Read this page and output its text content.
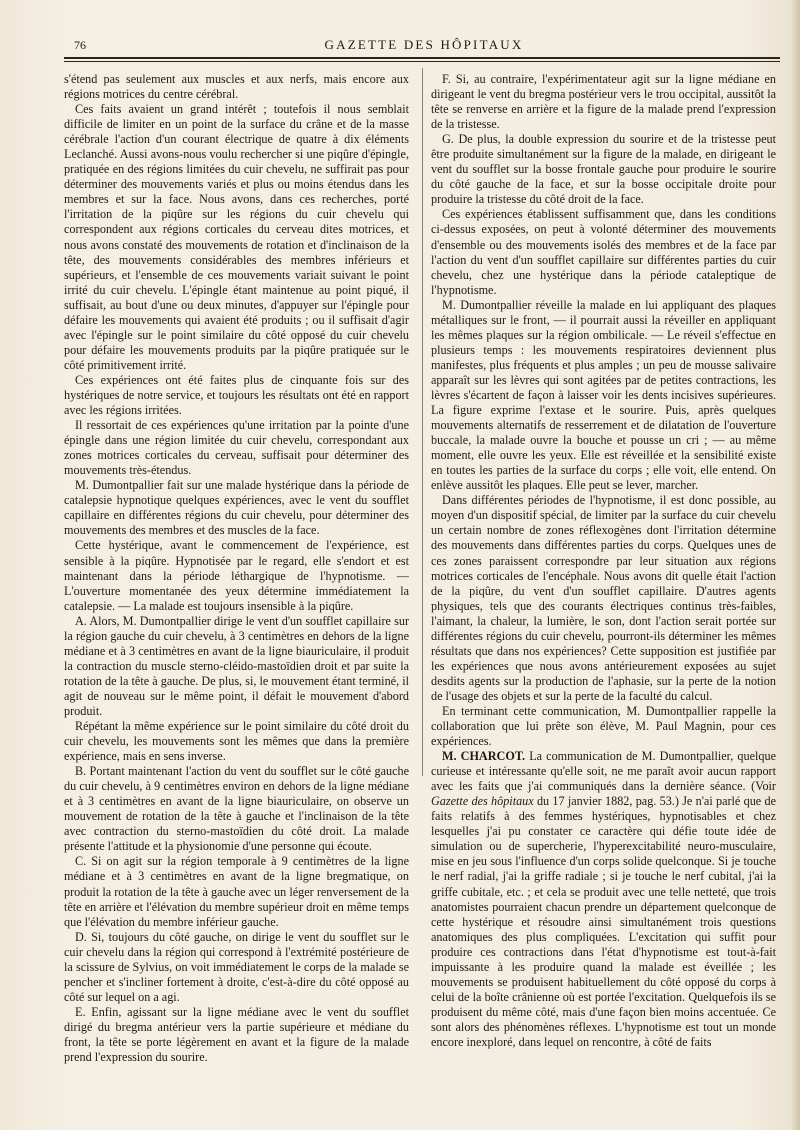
76	GAZETTE DES HÔPITAUX

s'étend pas seulement aux muscles et aux nerfs, mais encore aux régions motrices du centre cérébral.

Ces faits avaient un grand intérêt ; toutefois il nous semblait difficile de limiter en un point de la surface du crâne et de la masse cérébrale l'action d'un courant électrique de quatre à dix éléments Leclanché. Aussi avons-nous voulu rechercher si une piqûre d'épingle, pratiquée en des régions limitées du cuir chevelu, ne suffirait pas pour déterminer des mouvements variés et plus ou moins étendus dans les membres et sur la face. Nous avons, dans ces recherches, porté l'irritation de la piqûre sur les régions du cuir chevelu qui correspondent aux régions corticales du cerveau dites motrices, et nous avons constaté des mouvements de rotation et d'inclinaison de la tête, des mouvements considérables des membres inférieurs et supérieurs, et l'ensemble de ces mouvements variait suivant le point irrité du cuir chevelu. L'épingle étant maintenue au point piqué, il suffisait, au bout d'une ou deux minutes, d'appuyer sur l'épingle pour défaire les mouvements qui avaient été produits ; ou il suffisait d'agir avec l'épingle sur le point similaire du côté opposé du cuir chevelu pour défaire les mouvements produits par la piqûre pratiquée sur le côté primitivement irrité.

Ces expériences ont été faites plus de cinquante fois sur des hystériques de notre service, et toujours les résultats ont été en rapport avec les régions irritées.

Il ressortait de ces expériences qu'une irritation par la pointe d'une épingle dans une région limitée du cuir chevelu, correspondant aux zones motrices corticales du cerveau, suffisait pour déterminer des mouvements très-étendus.

M. Dumontpallier fait sur une malade hystérique dans la période de catalepsie hypnotique quelques expériences, avec le vent du soufflet capillaire en différentes régions du cuir chevelu, pour déterminer des mouvements des membres et des muscles de la face.

Cette hystérique, avant le commencement de l'expérience, est sensible à la piqûre. Hypnotisée par le regard, elle s'endort et est maintenant dans la période léthargique de l'hypnotisme. — L'ouverture momentanée des yeux détermine immédiatement la catalepsie. — La malade est toujours insensible à la piqûre.

A. Alors, M. Dumontpallier dirige le vent d'un soufflet capillaire sur la région gauche du cuir chevelu, à 3 centimètres en dehors de la ligne médiane et à 3 centimètres en avant de la ligne biauriculaire, il produit la contraction du muscle sterno-cléido-mastoïdien droit et par suite la rotation de la tête à gauche. De plus, si, le mouvement étant terminé, il agit de nouveau sur le même point, il défait le mouvement d'abord produit.

Répétant la même expérience sur le point similaire du côté droit du cuir chevelu, les mouvements sont les mêmes que dans la première expérience, mais en sens inverse.

B. Portant maintenant l'action du vent du soufflet sur le côté gauche du cuir chevelu, à 9 centimètres environ en dehors de la ligne médiane et à 3 centimètres en avant de la ligne biauriculaire, on observe un mouvement de rotation de la tête à gauche et l'inclinaison de la tête avec contraction du sterno-mastoïdien du côté droit. La malade présente l'attitude et la physionomie d'une personne qui écoute.

C. Si on agit sur la région temporale à 9 centimètres de la ligne médiane et à 3 centimètres en avant de la ligne bregmatique, on produit la rotation de la tête à gauche avec un léger renversement de la tête en arrière et l'élévation du membre supérieur droit en même temps que l'élévation du membre inférieur gauche.

D. Si, toujours du côté gauche, on dirige le vent du soufflet sur le cuir chevelu dans la région qui correspond à l'extrémité postérieure de la scissure de Sylvius, on voit immédiatement le corps de la malade se pencher et s'incliner fortement à droite, c'est-à-dire du côté opposé au côté sur lequel on a agi.

E. Enfin, agissant sur la ligne médiane avec le vent du soufflet dirigé du bregma antérieur vers la partie supérieure et médiane du front, la tête se porte légèrement en avant et la figure de la malade prend l'expression du sourire.

F. Si, au contraire, l'expérimentateur agit sur la ligne médiane en dirigeant le vent du bregma postérieur vers le trou occipital, aussitôt la tête se renverse en arrière et la figure de la malade prend l'expression de la tristesse.

G. De plus, la double expression du sourire et de la tristesse peut être produite simultanément sur la figure de la malade, en dirigeant le vent du soufflet sur la bosse frontale gauche pour produire le sourire du côté gauche de la face, et sur la bosse occipitale droite pour produire la tristesse du côté droit de la face.

Ces expériences établissent suffisamment que, dans les conditions ci-dessus exposées, on peut à volonté déterminer des mouvements d'ensemble ou des mouvements isolés des membres et de la face par l'action du vent d'un soufflet capillaire sur différentes parties du cuir chevelu, chez une hystérique dans la période cataleptique de l'hypnotisme.

M. Dumontpallier réveille la malade en lui appliquant des plaques métalliques sur le front, — il pourrait aussi la réveiller en appliquant les mêmes plaques sur la région ombilicale. — Le réveil s'effectue en plusieurs temps : les mouvements respiratoires deviennent plus manifestes, plus fréquents et plus amples ; un peu de mousse salivaire apparaît sur les lèvres qui sont agitées par de petites contractions, les lèvres s'écartent de façon à laisser voir les dents incisives supérieures. La figure exprime l'extase et le sourire. Puis, après quelques mouvements alternatifs de resserrement et de dilatation de l'ouverture buccale, la malade ouvre la bouche et pousse un cri ; — au même moment, elle ouvre les yeux. Elle est réveillée et la sensibilité existe en toutes les parties de la surface du corps ; elle voit, elle entend. On enlève aussitôt les plaques. Elle peut se lever, marcher.

Dans différentes périodes de l'hypnotisme, il est donc possible, au moyen d'un dispositif spécial, de limiter par la surface du cuir chevelu un certain nombre de zones réflexogènes dont l'irritation détermine des mouvements dans différentes parties du corps. Quelques unes de ces zones paraissent correspondre par leur situation aux régions motrices corticales de l'encéphale. Nous avons dit quelle était l'action de la piqûre, du vent d'un soufflet capillaire. D'autres agents physiques, tels que des courants électriques continus très-faibles, l'aimant, la chaleur, la lumière, le son, dont l'action serait portée sur différentes régions du cuir chevelu, pourront-ils déterminer les mêmes résultats que dans nos expériences? Cette supposition est justifiée par les expériences que nous avons antérieurement exposées au sujet desdits agents sur la production de l'aphasie, sur la perte de la notion de l'usage des objets et sur la perte de la faculté du calcul.

En terminant cette communication, M. Dumontpallier rappelle la collaboration que lui prête son élève, M. Paul Magnin, pour ces expériences.

M. CHARCOT. La communication de M. Dumontpallier, quelque curieuse et intéressante qu'elle soit, ne me paraît avoir aucun rapport avec les faits que j'ai communiqués dans la dernière séance. (Voir Gazette des hôpitaux du 17 janvier 1882, pag. 53.) Je n'ai parlé que de faits relatifs à des femmes hystériques, hypnotisables et chez lesquelles j'ai pu constater ce caractère qui défie toute idée de simulation ou de supercherie, l'hyperexcitabilité neuro-musculaire, mise en jeu sous l'influence d'un corps solide quelconque. Si je touche le nerf radial, j'ai la griffe radiale ; si je touche le nerf cubital, j'ai la griffe cubitale, etc. ; et cela se produit avec une telle netteté, que trois anatomistes pourraient chacun prendre un département quelconque de cette hystérique et résoudre ainsi simultanément trois questions anatomiques des plus compliquées. L'excitation qui suffit pour produire ces contractions dans l'état d'hypnotisme est tout-à-fait impuissante à les produire quand la malade est éveillée ; les mouvements se produisent habituellement du côté opposé du corps à celui de la boîte crânienne où est portée l'excitation. Quelquefois ils se produisent du même côté, mais d'une façon bien moins accentuée. Ce sont alors des phénomènes réflexes. L'hypnotisme est tout un monde encore inexploré, dans lequel on rencontre, à côté de faits
